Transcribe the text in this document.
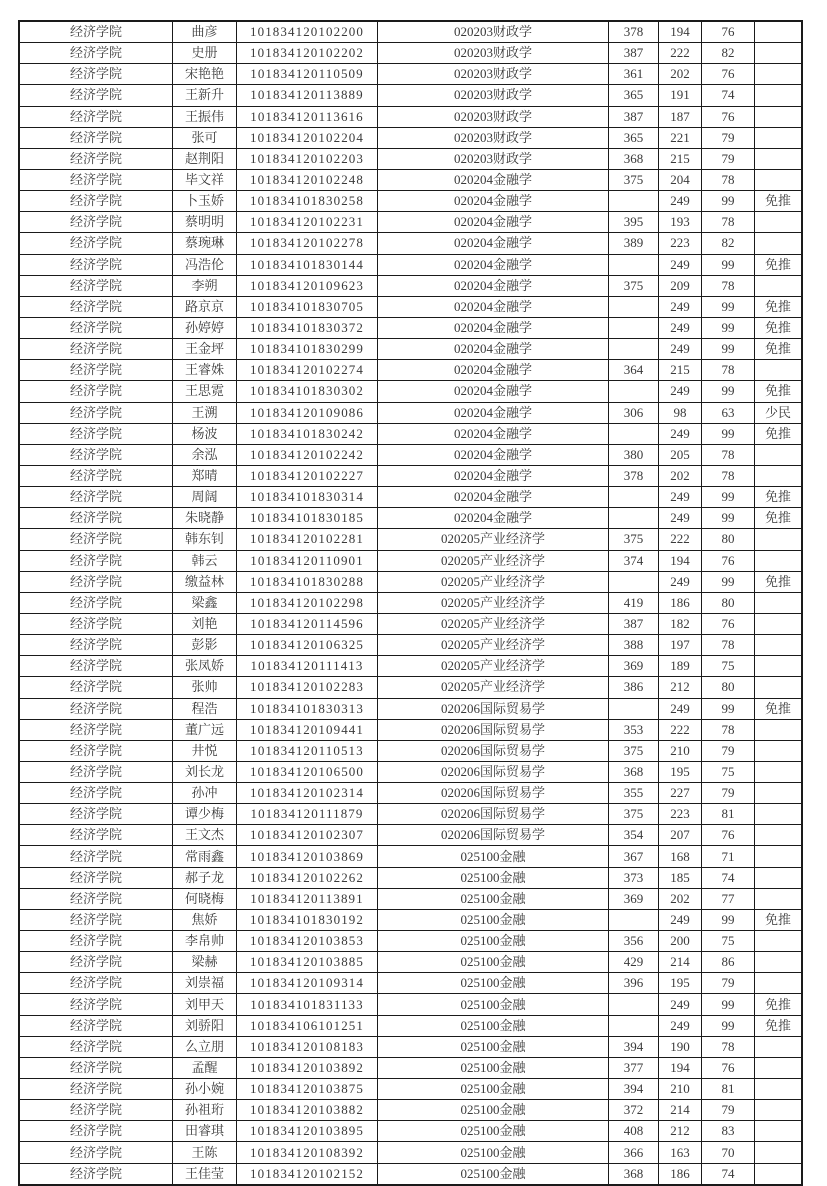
经济学院	曲彦	101834120102200	020203财政学	378	194	76	
经济学院	史册	101834120102202	020203财政学	387	222	82	
经济学院	宋艳艳	101834120110509	020203财政学	361	202	76	
经济学院	王新升	101834120113889	020203财政学	365	191	74	
经济学院	王振伟	101834120113616	020203财政学	387	187	76	
经济学院	张可	101834120102204	020203财政学	365	221	79	
经济学院	赵荆阳	101834120102203	020203财政学	368	215	79	
经济学院	毕文祥	101834120102248	020204金融学	375	204	78	
经济学院	卜玉娇	101834101830258	020204金融学		249	99	免推
经济学院	蔡明明	101834120102231	020204金融学	395	193	78	
经济学院	蔡琬琳	101834120102278	020204金融学	389	223	82	
经济学院	冯浩伦	101834101830144	020204金融学		249	99	免推
经济学院	李朔	101834120109623	020204金融学	375	209	78	
经济学院	路京京	101834101830705	020204金融学		249	99	免推
经济学院	孙婷婷	101834101830372	020204金融学		249	99	免推
经济学院	王金坪	101834101830299	020204金融学		249	99	免推
经济学院	王睿姝	101834120102274	020204金融学	364	215	78	
经济学院	王思霓	101834101830302	020204金融学		249	99	免推
经济学院	王溯	101834120109086	020204金融学	306	98	63	少民
经济学院	杨波	101834101830242	020204金融学		249	99	免推
经济学院	余泓	101834120102242	020204金融学	380	205	78	
经济学院	郑晴	101834120102227	020204金融学	378	202	78	
经济学院	周阔	101834101830314	020204金融学		249	99	免推
经济学院	朱晓静	101834101830185	020204金融学		249	99	免推
经济学院	韩东钊	101834120102281	020205产业经济学	375	222	80	
经济学院	韩云	101834120110901	020205产业经济学	374	194	76	
经济学院	缴益林	101834101830288	020205产业经济学		249	99	免推
经济学院	梁鑫	101834120102298	020205产业经济学	419	186	80	
经济学院	刘艳	101834120114596	020205产业经济学	387	182	76	
经济学院	彭影	101834120106325	020205产业经济学	388	197	78	
经济学院	张凤娇	101834120111413	020205产业经济学	369	189	75	
经济学院	张帅	101834120102283	020205产业经济学	386	212	80	
经济学院	程浩	101834101830313	020206国际贸易学		249	99	免推
经济学院	董广远	101834120109441	020206国际贸易学	353	222	78	
经济学院	井悦	101834120110513	020206国际贸易学	375	210	79	
经济学院	刘长龙	101834120106500	020206国际贸易学	368	195	75	
经济学院	孙冲	101834120102314	020206国际贸易学	355	227	79	
经济学院	谭少梅	101834120111879	020206国际贸易学	375	223	81	
经济学院	王文杰	101834120102307	020206国际贸易学	354	207	76	
经济学院	常雨鑫	101834120103869	025100金融	367	168	71	
经济学院	郝子龙	101834120102262	025100金融	373	185	74	
经济学院	何晓梅	101834120113891	025100金融	369	202	77	
经济学院	焦娇	101834101830192	025100金融		249	99	免推
经济学院	李帛帅	101834120103853	025100金融	356	200	75	
经济学院	梁赫	101834120103885	025100金融	429	214	86	
经济学院	刘崇福	101834120109314	025100金融	396	195	79	
经济学院	刘甲天	101834101831133	025100金融		249	99	免推
经济学院	刘骄阳	101834106101251	025100金融		249	99	免推
经济学院	么立朋	101834120108183	025100金融	394	190	78	
经济学院	孟醒	101834120103892	025100金融	377	194	76	
经济学院	孙小婉	101834120103875	025100金融	394	210	81	
经济学院	孙祖珩	101834120103882	025100金融	372	214	79	
经济学院	田睿琪	101834120103895	025100金融	408	212	83	
经济学院	王陈	101834120108392	025100金融	366	163	70	
经济学院	王佳莹	101834120102152	025100金融	368	186	74	
